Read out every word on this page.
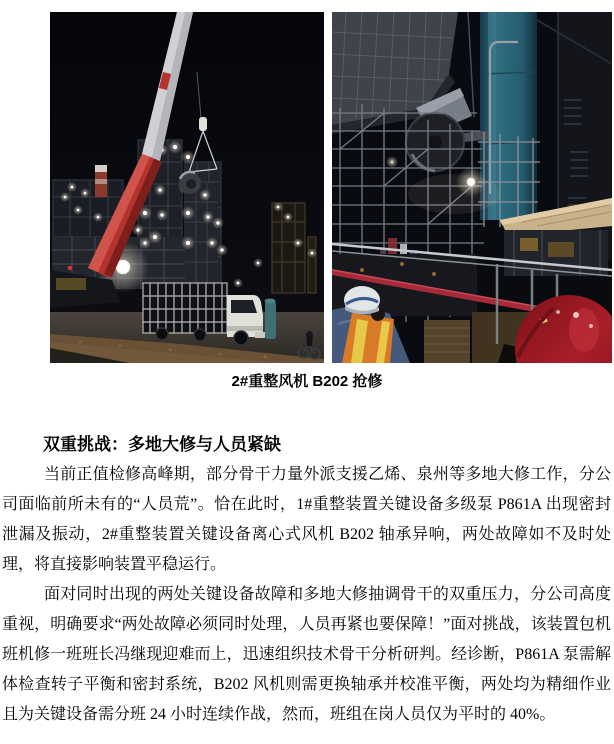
2#重整风机 B202 抢修
双重挑战：多地大修与人员紧缺

当前正值检修高峰期，部分骨干力量外派支援乙烯、泉州等多地大修工作，分公司面临前所未有的“人员荒”。恰在此时，1#重整装置关键设备多级泵 P861A 出现密封泄漏及振动，2#重整装置关键设备离心式风机 B202 轴承异响，两处故障如不及时处理，将直接影响装置平稳运行。

面对同时出现的两处关键设备故障和多地大修抽调骨干的双重压力，分公司高度重视，明确要求“两处故障必须同时处理，人员再紧也要保障！”面对挑战，该装置包机班机修一班班长冯继现迎难而上，迅速组织技术骨干分析研判。经诊断，P861A 泵需解体检查转子平衡和密封系统，B202 风机则需更换轴承并校准平衡，两处均为精细作业且为关键设备需分班 24 小时连续作战，然而，班组在岗人员仅为平时的 40%。
